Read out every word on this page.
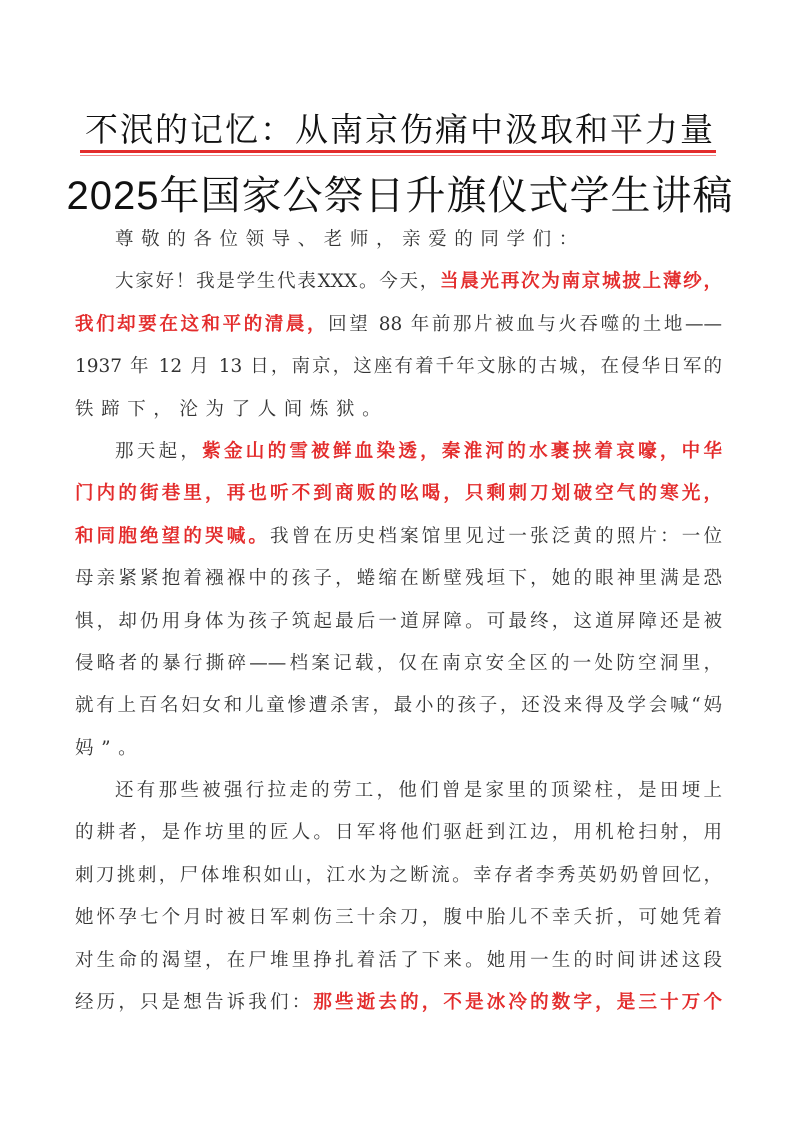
不泯的记忆：从南京伤痛中汲取和平力量
2025年国家公祭日升旗仪式学生讲稿
尊敬的各位领导、老师，亲爱的同学们：
大家好！我是学生代表XXX。今天，当晨光再次为南京城披上薄纱，
我们却要在这和平的清晨，回望 88 年前那片被血与火吞噬的土地——
1937 年 12 月 13 日，南京，这座有着千年文脉的古城，在侵华日军的
铁蹄下，沦为了人间炼狱。
那天起，紫金山的雪被鲜血染透，秦淮河的水裹挟着哀嚎，中华
门内的街巷里，再也听不到商贩的吆喝，只剩刺刀划破空气的寒光，
和同胞绝望的哭喊。我曾在历史档案馆里见过一张泛黄的照片：一位
母亲紧紧抱着襁褓中的孩子，蜷缩在断壁残垣下，她的眼神里满是恐
惧，却仍用身体为孩子筑起最后一道屏障。可最终，这道屏障还是被
侵略者的暴行撕碎——档案记载，仅在南京安全区的一处防空洞里，
就有上百名妇女和儿童惨遭杀害，最小的孩子，还没来得及学会喊“妈
妈”。
还有那些被强行拉走的劳工，他们曾是家里的顶梁柱，是田埂上
的耕者，是作坊里的匠人。日军将他们驱赶到江边，用机枪扫射，用
刺刀挑刺，尸体堆积如山，江水为之断流。幸存者李秀英奶奶曾回忆，
她怀孕七个月时被日军刺伤三十余刀，腹中胎儿不幸夭折，可她凭着
对生命的渴望，在尸堆里挣扎着活了下来。她用一生的时间讲述这段
经历，只是想告诉我们：那些逝去的，不是冰冷的数字，是三十万个
